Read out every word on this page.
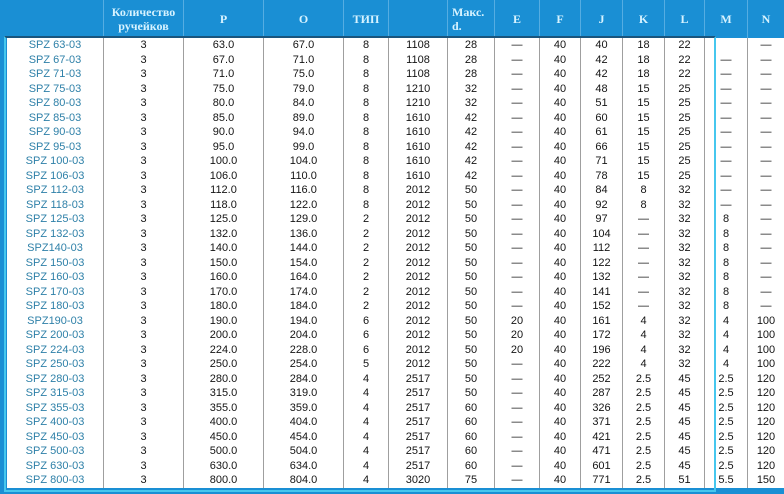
	Количество ручейков	P	O	ТИП		Макс. d.	E	F	J	K	L	M	N
SPZ 63-03	3	63.0	67.0	8	1108	28	—	40	40	18	22		—
SPZ 67-03	3	67.0	71.0	8	1108	28	—	40	42	18	22	—	—
SPZ 71-03	3	71.0	75.0	8	1108	28	—	40	42	18	22	—	—
SPZ 75-03	3	75.0	79.0	8	1210	32	—	40	48	15	25	—	—
SPZ 80-03	3	80.0	84.0	8	1210	32	—	40	51	15	25	—	—
SPZ 85-03	3	85.0	89.0	8	1610	42	—	40	60	15	25	—	—
SPZ 90-03	3	90.0	94.0	8	1610	42	—	40	61	15	25	—	—
SPZ 95-03	3	95.0	99.0	8	1610	42	—	40	66	15	25	—	—
SPZ 100-03	3	100.0	104.0	8	1610	42	—	40	71	15	25	—	—
SPZ 106-03	3	106.0	110.0	8	1610	42	—	40	78	15	25	—	—
SPZ 112-03	3	112.0	116.0	8	2012	50	—	40	84	8	32	—	—
SPZ 118-03	3	118.0	122.0	8	2012	50	—	40	92	8	32	—	—
SPZ 125-03	3	125.0	129.0	2	2012	50	—	40	97	—	32	8	—
SPZ 132-03	3	132.0	136.0	2	2012	50	—	40	104	—	32	8	—
SPZ140-03	3	140.0	144.0	2	2012	50	—	40	112	—	32	8	—
SPZ 150-03	3	150.0	154.0	2	2012	50	—	40	122	—	32	8	—
SPZ 160-03	3	160.0	164.0	2	2012	50	—	40	132	—	32	8	—
SPZ 170-03	3	170.0	174.0	2	2012	50	—	40	141	—	32	8	—
SPZ 180-03	3	180.0	184.0	2	2012	50	—	40	152	—	32	8	—
SPZ190-03	3	190.0	194.0	6	2012	50	20	40	161	4	32	4	100
SPZ 200-03	3	200.0	204.0	6	2012	50	20	40	172	4	32	4	100
SPZ 224-03	3	224.0	228.0	6	2012	50	20	40	196	4	32	4	100
SPZ 250-03	3	250.0	254.0	5	2012	50	—	40	222	4	32	4	100
SPZ 280-03	3	280.0	284.0	4	2517	50	—	40	252	2.5	45	2.5	120
SPZ 315-03	3	315.0	319.0	4	2517	50	—	40	287	2.5	45	2.5	120
SPZ 355-03	3	355.0	359.0	4	2517	60	—	40	326	2.5	45	2.5	120
SPZ 400-03	3	400.0	404.0	4	2517	60	—	40	371	2.5	45	2.5	120
SPZ 450-03	3	450.0	454.0	4	2517	60	—	40	421	2.5	45	2.5	120
SPZ 500-03	3	500.0	504.0	4	2517	60	—	40	471	2.5	45	2.5	120
SPZ 630-03	3	630.0	634.0	4	2517	60	—	40	601	2.5	45	2.5	120
SPZ 800-03	3	800.0	804.0	4	3020	75	—	40	771	2.5	51	5.5	150
